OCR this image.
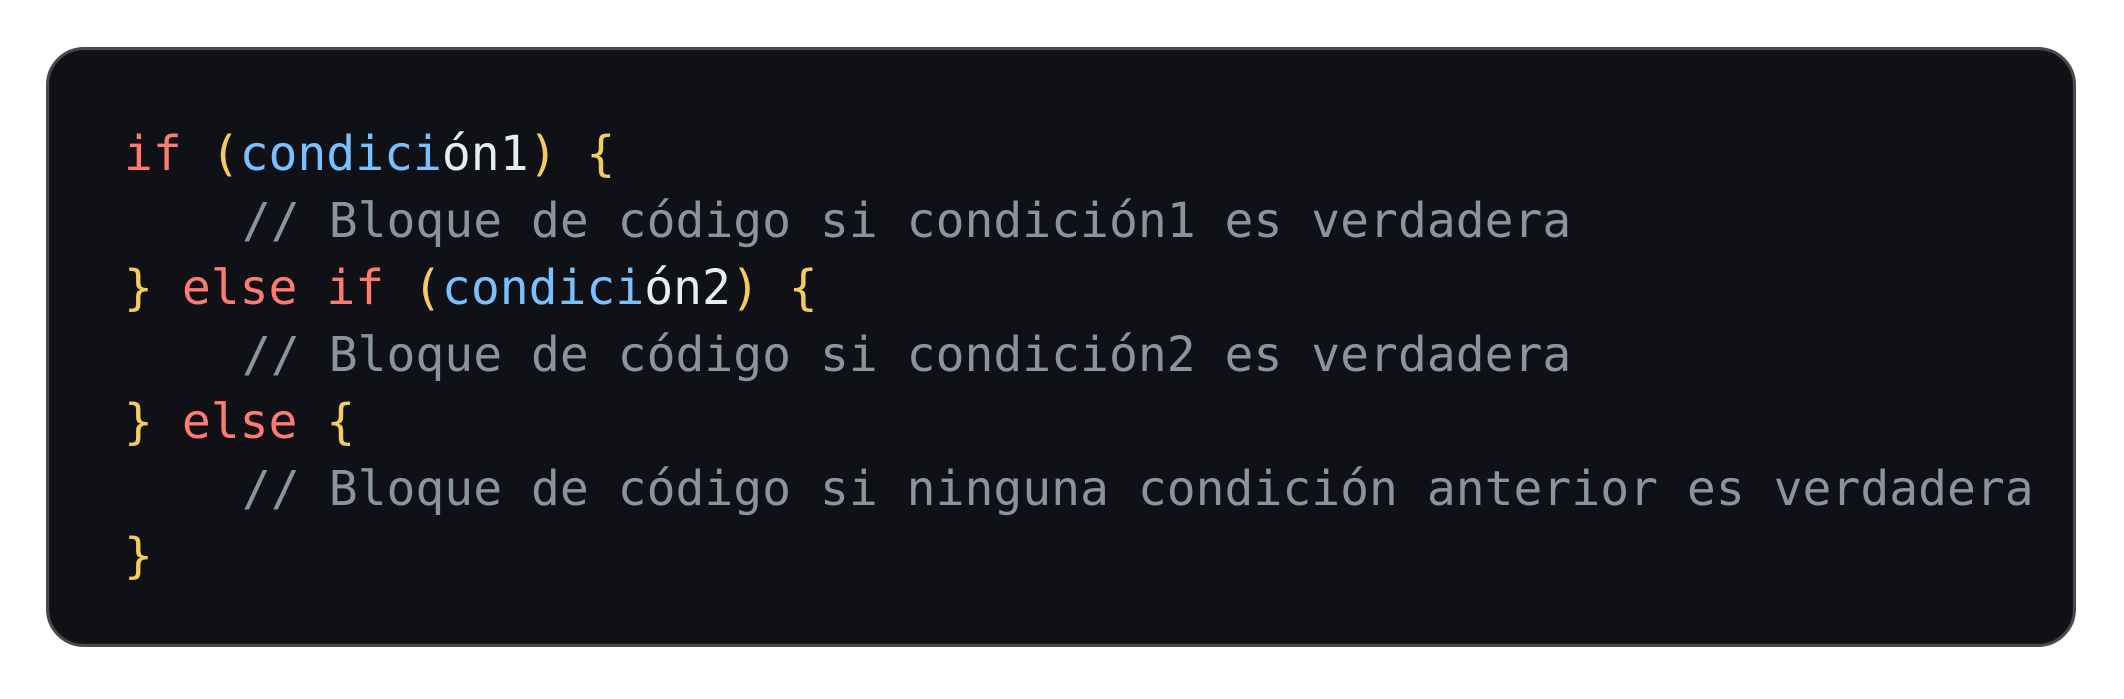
if (condición1) {
// Bloque de código si condición1 es verdadera
} else if (condición2) {
// Bloque de código si condición2 es verdadera
} else {
// Bloque de código si ninguna condición anterior es verdadera
}
